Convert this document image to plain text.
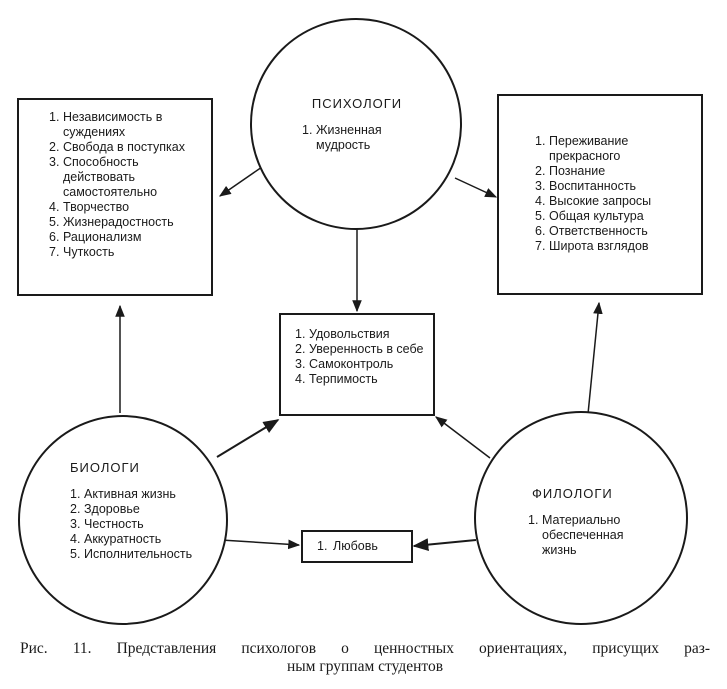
ПСИХОЛОГИ
1. Жизненная мудрость
БИОЛОГИ
1. Активная жизнь
2. Здоровье
3. Честность
4. Аккуратность
5. Исполнительность
ФИЛОЛОГИ
1. Материально обеспеченная жизнь
1. Независимость в суждениях
2. Свобода в поступках
3. Способность действовать самостоятельно
4. Творчество
5. Жизнерадостность
6. Рационализм
7. Чуткость
1. Переживание прекрасного
2. Познание
3. Воспитанность
4. Высокие запросы
5. Общая культура
6. Ответственность
7. Широта взглядов
1. Удовольствия
2. Уверенность в себе
3. Самоконтроль
4. Терпимость
1. Любовь
Рис. 11. Представления психологов о ценностных ориентациях, присущих раз-
ным группам студентов
